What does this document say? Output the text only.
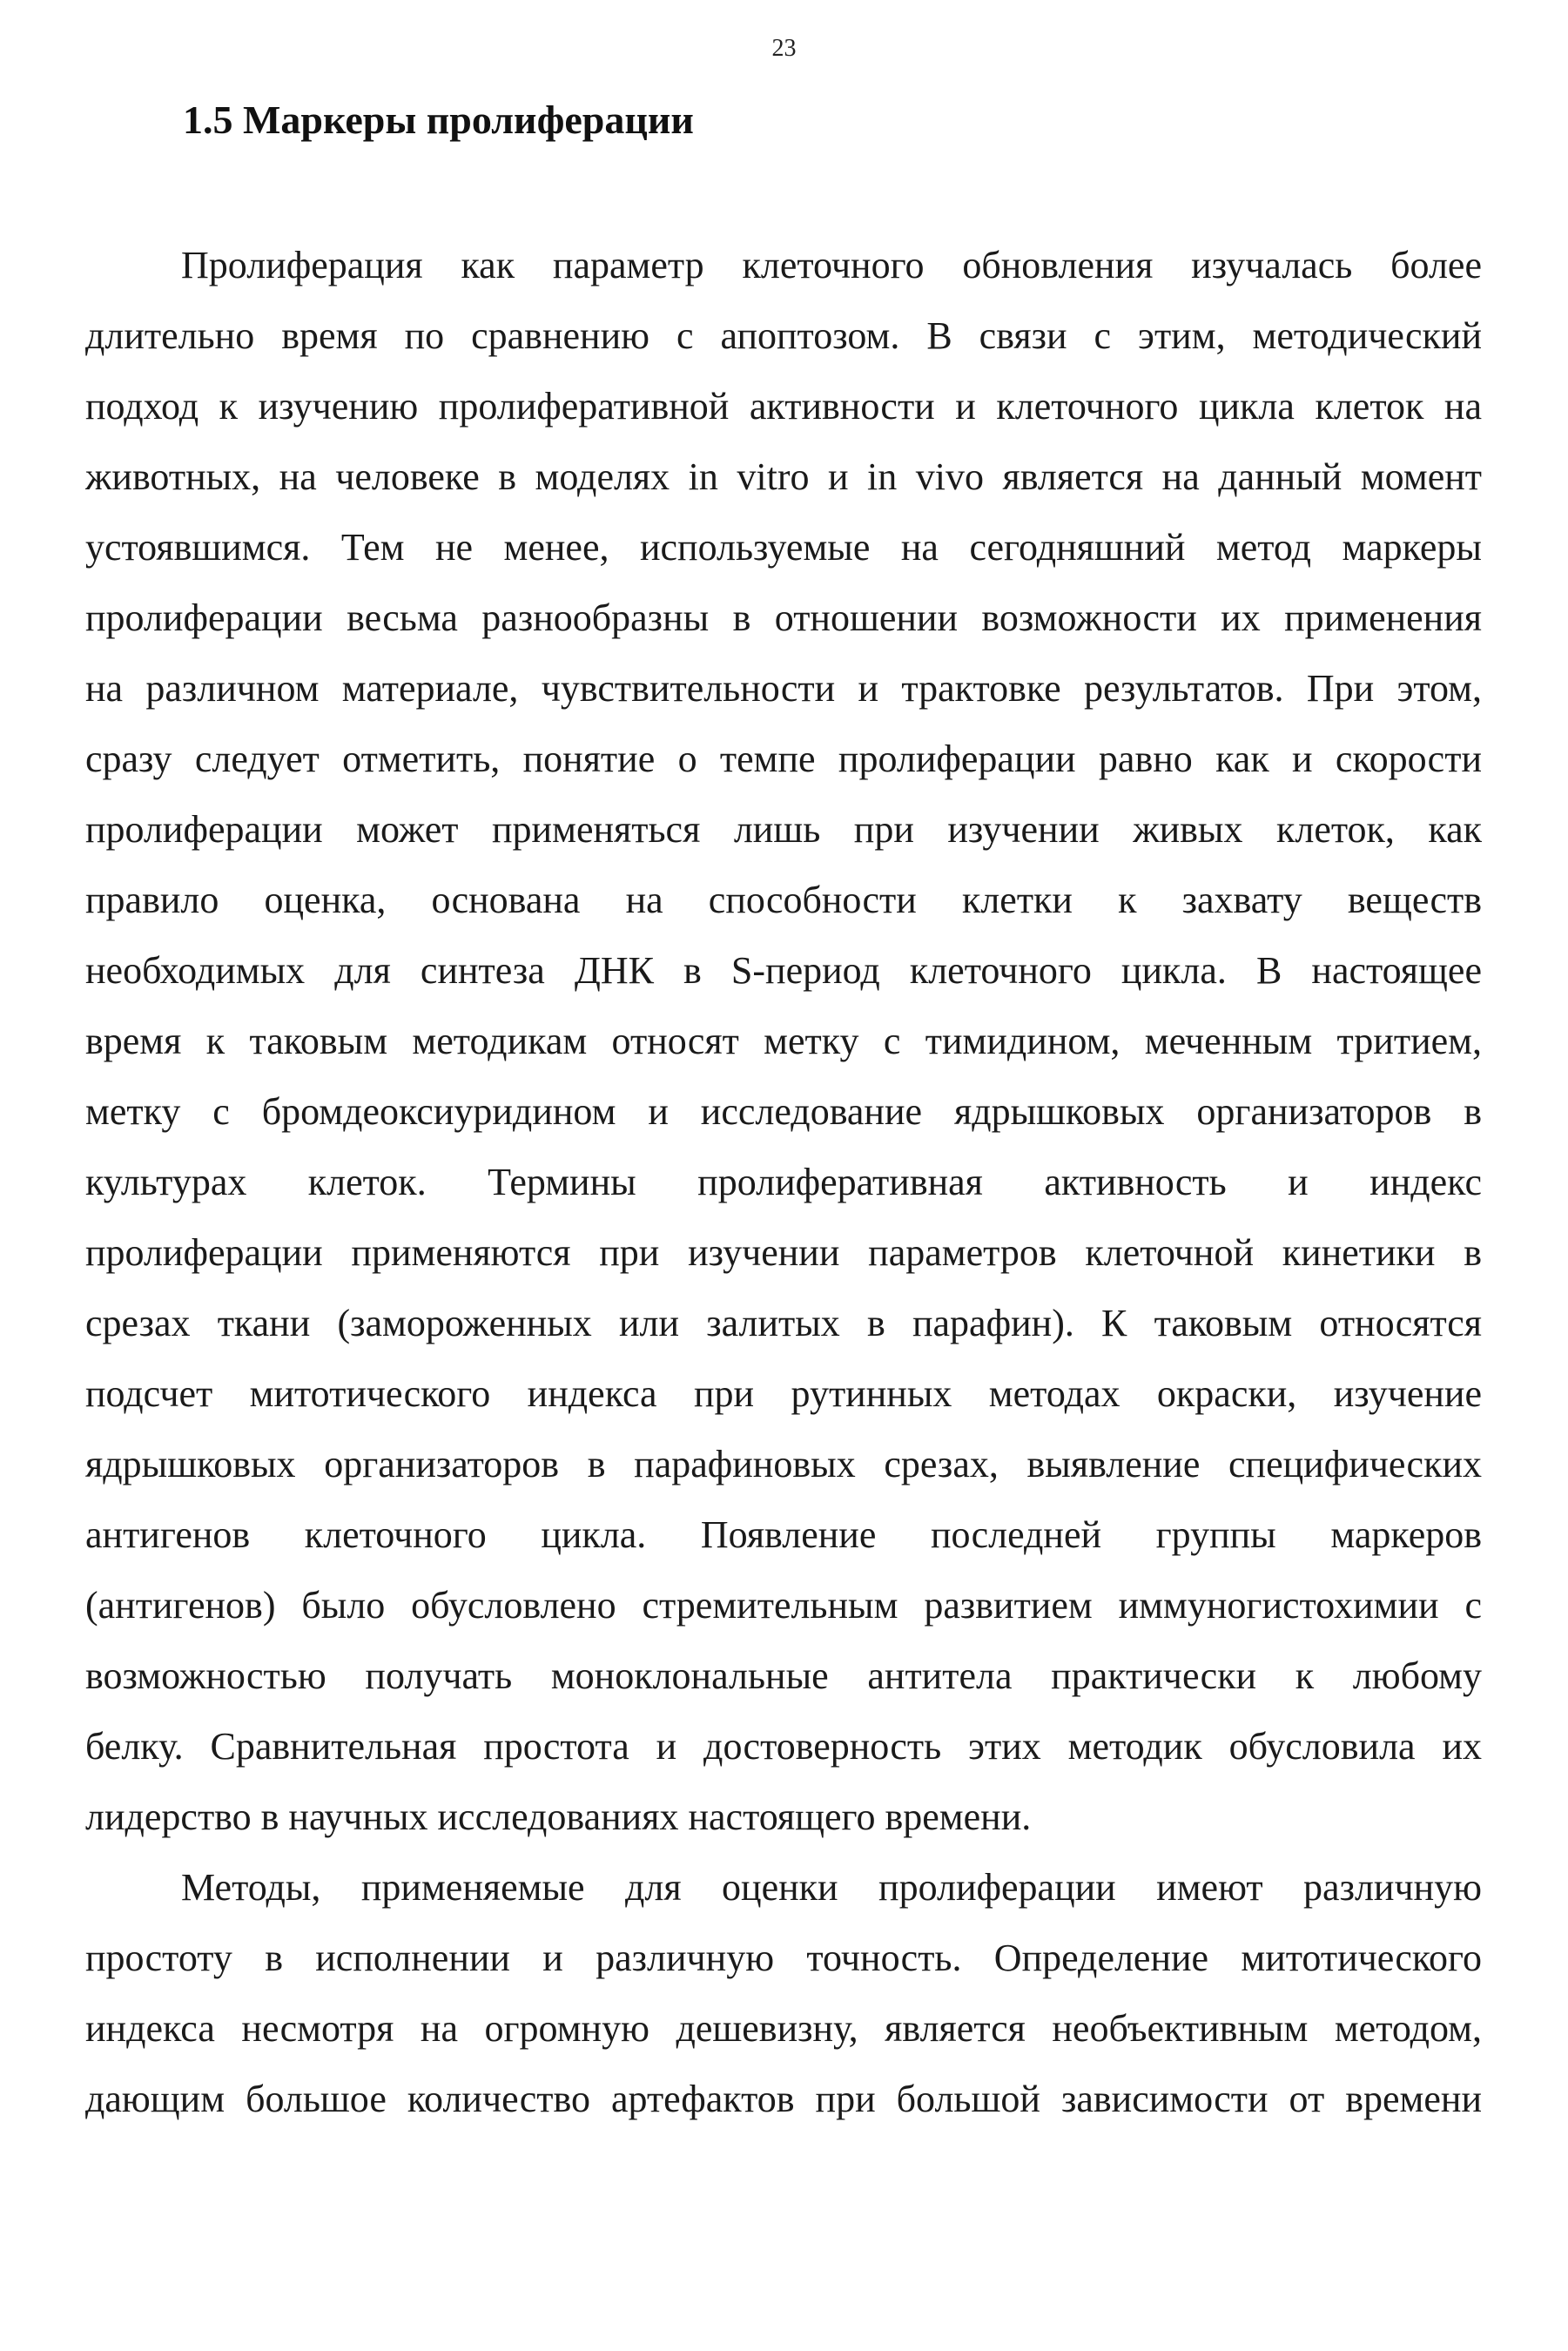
23
1.5 Маркеры пролиферации

Пролиферация как параметр клеточного обновления изучалась более
длительно время по сравнению с апоптозом. В связи с этим, методический
подход к изучению пролиферативной активности и клеточного цикла клеток на
животных, на человеке в моделях in vitro и in vivo является на данный момент
устоявшимся. Тем не менее, используемые на сегодняшний метод маркеры
пролиферации весьма разнообразны в отношении возможности их применения
на различном материале, чувствительности и трактовке результатов. При этом,
сразу следует отметить, понятие о темпе пролиферации равно как и скорости
пролиферации может применяться лишь при изучении живых клеток, как
правило оценка, основана на способности клетки к захвату веществ
необходимых для синтеза ДНК в S-период клеточного цикла. В настоящее
время к таковым методикам относят метку с тимидином, меченным тритием,
метку с бромдеоксиуридином и исследование ядрышковых организаторов в
культурах клеток. Термины пролиферативная активность и индекс
пролиферации применяются при изучении параметров клеточной кинетики в
срезах ткани (замороженных или залитых в парафин). К таковым относятся
подсчет митотического индекса при рутинных методах окраски, изучение
ядрышковых организаторов в парафиновых срезах, выявление специфических
антигенов клеточного цикла. Появление последней группы маркеров
(антигенов) было обусловлено стремительным развитием иммуногистохимии с
возможностью получать моноклональные антитела практически к любому
белку. Сравнительная простота и достоверность этих методик обусловила их
лидерство в научных исследованиях настоящего времени.

Методы, применяемые для оценки пролиферации имеют различную
простоту в исполнении и различную точность. Определение митотического
индекса несмотря на огромную дешевизну, является необъективным методом,
дающим большое количество артефактов при большой зависимости от времени
